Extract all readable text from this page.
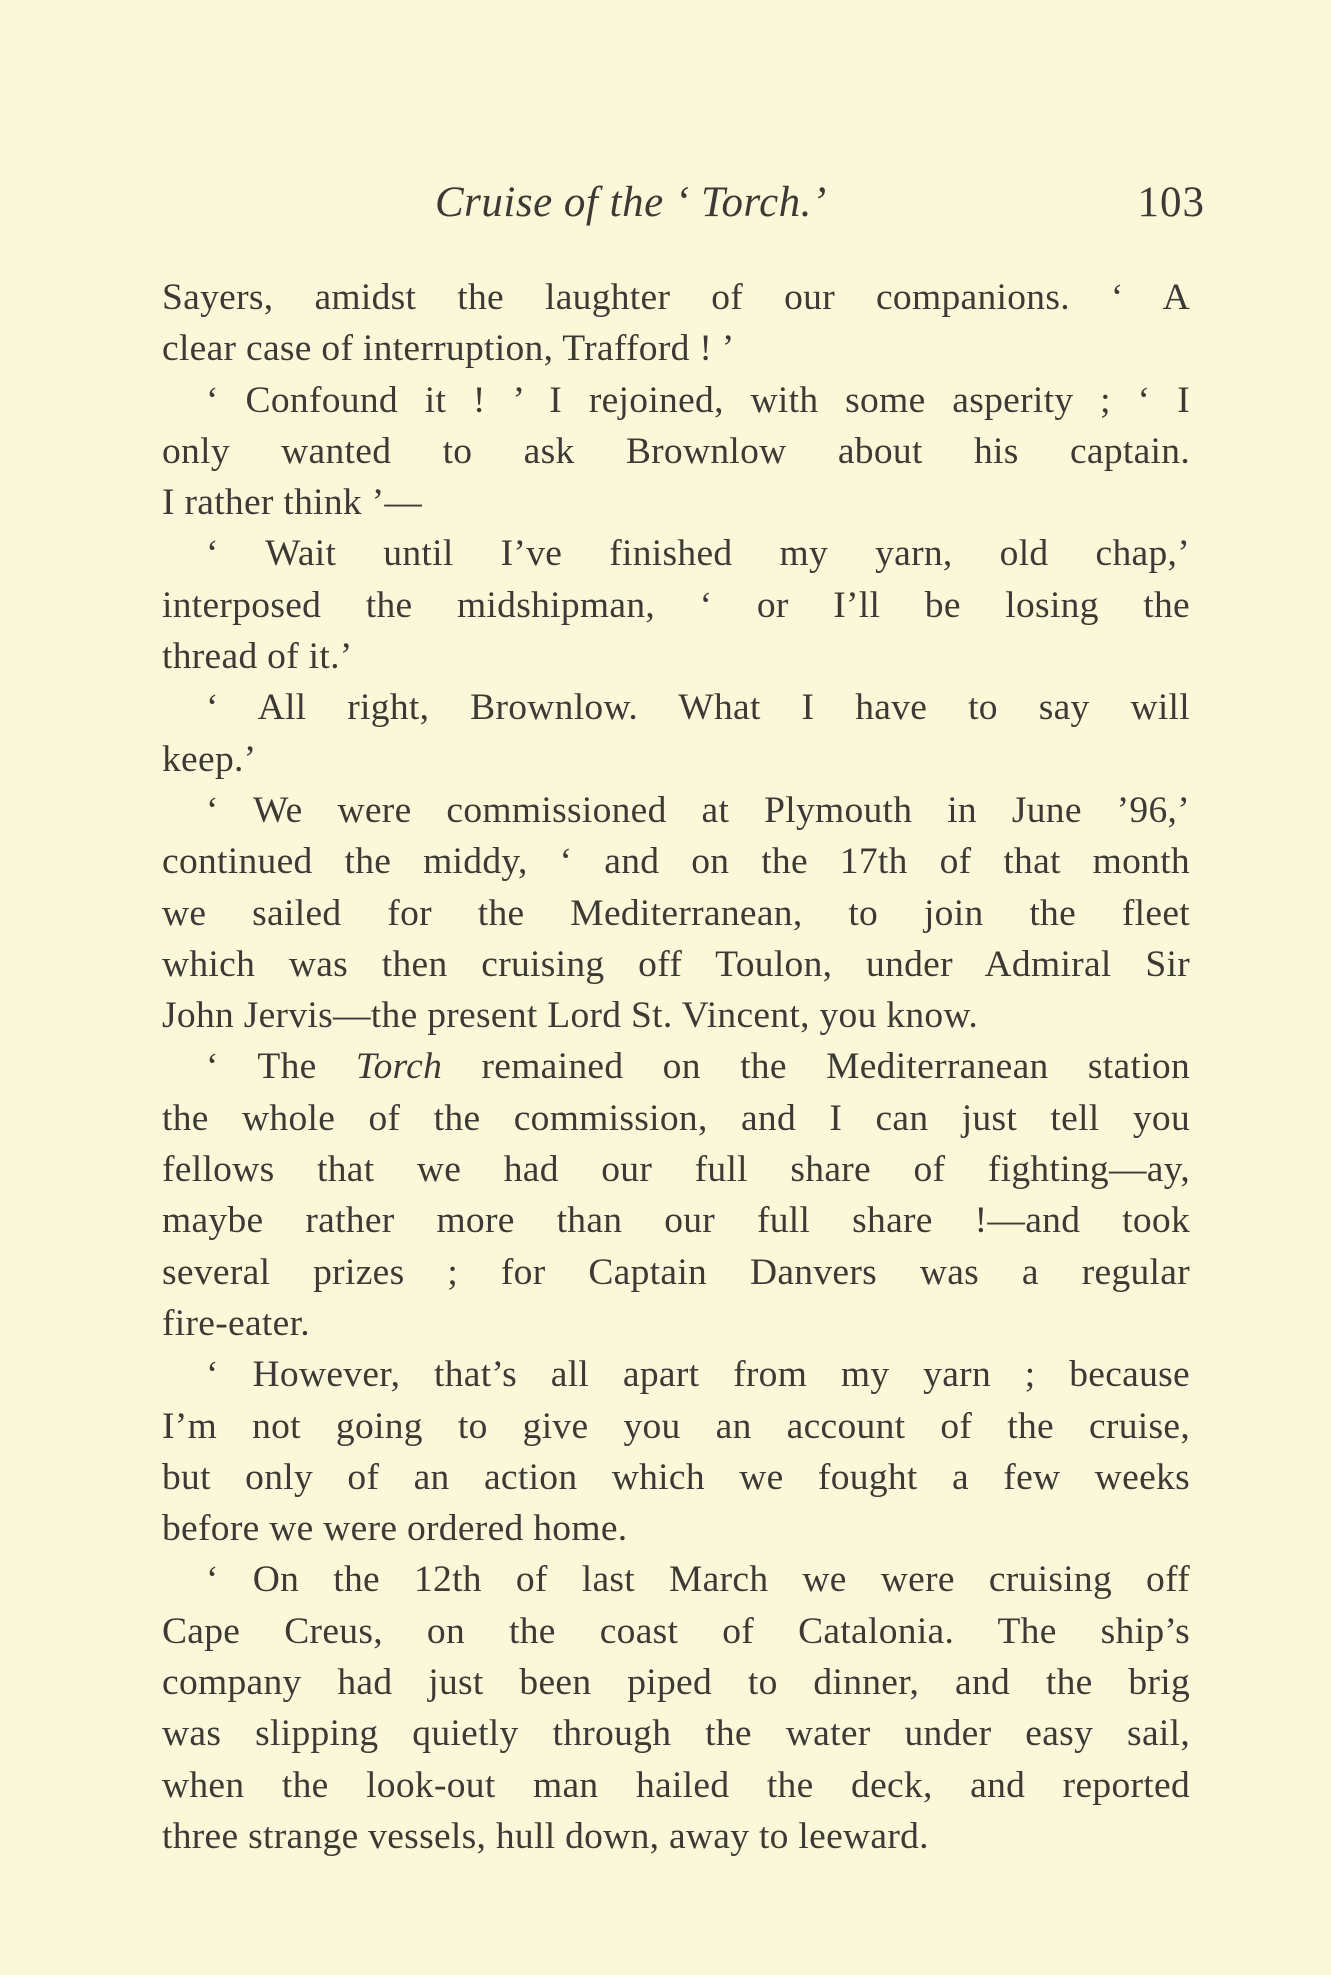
Cruise of the ‘ Torch.’	103
Sayers, amidst the laughter of our companions. ‘ A
clear case of interruption, Trafford ! ’
‘ Confound it ! ’ I rejoined, with some asperity ; ‘ I
only wanted to ask Brownlow about his captain.
I rather think ’—
‘ Wait until I’ve finished my yarn, old chap,’
interposed the midshipman, ‘ or I’ll be losing the
thread of it.’
‘ All right, Brownlow. What I have to say will
keep.’
‘ We were commissioned at Plymouth in June ’96,’
continued the middy, ‘ and on the 17th of that month
we sailed for the Mediterranean, to join the fleet
which was then cruising off Toulon, under Admiral Sir
John Jervis—the present Lord St. Vincent, you know.
‘ The Torch remained on the Mediterranean station
the whole of the commission, and I can just tell you
fellows that we had our full share of fighting—ay,
maybe rather more than our full share !—and took
several prizes ; for Captain Danvers was a regular
fire-eater.
‘ However, that’s all apart from my yarn ; because
I’m not going to give you an account of the cruise,
but only of an action which we fought a few weeks
before we were ordered home.
‘ On the 12th of last March we were cruising off
Cape Creus, on the coast of Catalonia. The ship’s
company had just been piped to dinner, and the brig
was slipping quietly through the water under easy sail,
when the look-out man hailed the deck, and reported
three strange vessels, hull down, away to leeward.
